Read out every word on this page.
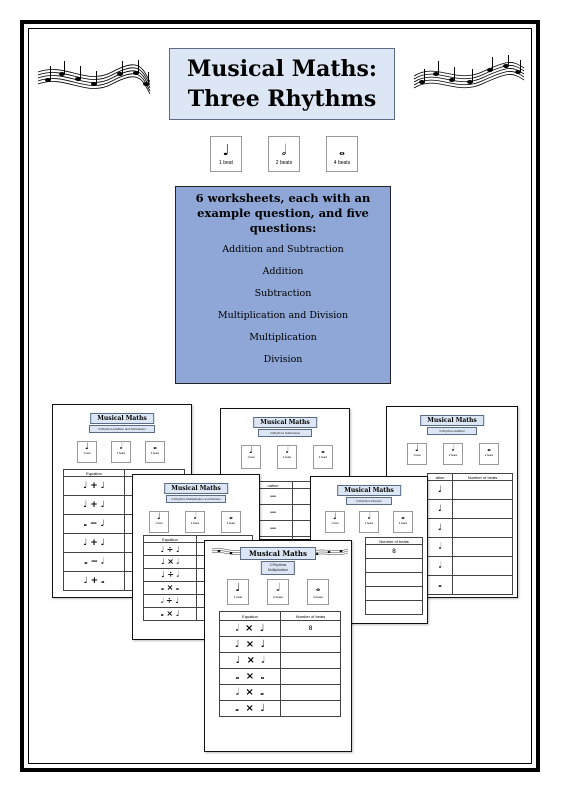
Musical Maths:
Three Rhythms
♩
1 beat
𝅗𝅥
2 beats
𝅝
4 beats
6 worksheets, each with an example question, and five questions:
Addition and Subtraction
Addition
Subtraction
Multiplication and Division
Multiplication
Division
Musical Maths
3 Rhythms Addition and Subtraction
♩
1 beat
𝅗𝅥
2 beats
𝅝
4 beats
Equation	
♩ + ♩	
♩ + ♩	
𝅝 − ♩	
♩ + ♩	
𝅝 − 𝅗𝅥	
♩ + 𝅝	
Musical Maths
3 Rhythms Addition
♩
1 beat
𝅗𝅥
2 beats
𝅝
4 beats
ation	Number of beats
♩	
♩	
♩	
𝅗𝅥	
𝅗𝅥	
𝅝	
Musical Maths
3 Rhythms Subtraction
♩
1 beat
𝅗𝅥
2 beats
𝅝
4 beats
uation	
−	
−	
−	

Musical Maths
3 Rhythms Division
♩
1 beat
𝅗𝅥
2 beats
𝅝
4 beats
Number of beats
8

Musical Maths
3 Rhythms Multiplication and Division
♩
1 beat
𝅗𝅥
2 beats
𝅝
4 beats
Equation	
♩ ÷ ♩	
♩ × 𝅗𝅥	
♩ ÷ 𝅗𝅥	
𝅝 × 𝅝	
𝅗𝅥 ÷ ♩	
𝅝 × ♩	
Musical Maths
3 Rhythms
Multiplication
♩
1 beat
𝅗𝅥
2 beats
𝅝
4 beats
Equation	Number of beats
𝅗𝅥 × ♩	8
♩ × ♩	
♩ × 𝅗𝅥	
𝅝 × 𝅝	
𝅗𝅥 × 𝅝	
𝅝 × ♩	
